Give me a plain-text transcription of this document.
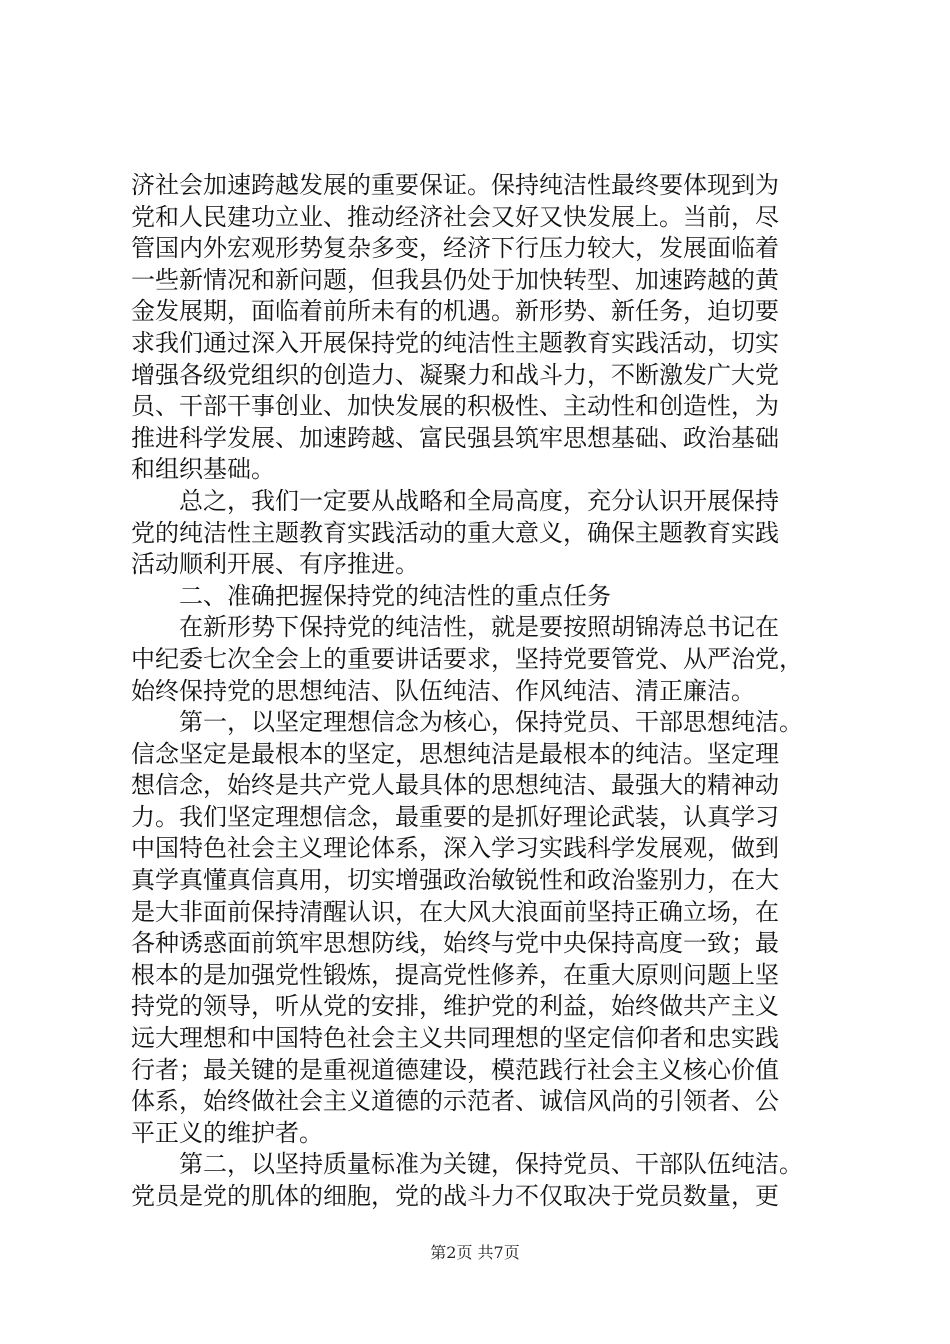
济社会加速跨越发展的重要保证。保持纯洁性最终要体现到为
党和人民建功立业、推动经济社会又好又快发展上。当前，尽
管国内外宏观形势复杂多变，经济下行压力较大，发展面临着
一些新情况和新问题，但我县仍处于加快转型、加速跨越的黄
金发展期，面临着前所未有的机遇。新形势、新任务，迫切要
求我们通过深入开展保持党的纯洁性主题教育实践活动，切实
增强各级党组织的创造力、凝聚力和战斗力，不断激发广大党
员、干部干事创业、加快发展的积极性、主动性和创造性，为
推进科学发展、加速跨越、富民强县筑牢思想基础、政治基础
和组织基础。
总之，我们一定要从战略和全局高度，充分认识开展保持
党的纯洁性主题教育实践活动的重大意义，确保主题教育实践
活动顺利开展、有序推进。
二、准确把握保持党的纯洁性的重点任务
在新形势下保持党的纯洁性，就是要按照胡锦涛总书记在
中纪委七次全会上的重要讲话要求，坚持党要管党、从严治党，
始终保持党的思想纯洁、队伍纯洁、作风纯洁、清正廉洁。
第一，以坚定理想信念为核心，保持党员、干部思想纯洁。
信念坚定是最根本的坚定，思想纯洁是最根本的纯洁。坚定理
想信念，始终是共产党人最具体的思想纯洁、最强大的精神动
力。我们坚定理想信念，最重要的是抓好理论武装，认真学习
中国特色社会主义理论体系，深入学习实践科学发展观，做到
真学真懂真信真用，切实增强政治敏锐性和政治鉴别力，在大
是大非面前保持清醒认识，在大风大浪面前坚持正确立场，在
各种诱惑面前筑牢思想防线，始终与党中央保持高度一致；最
根本的是加强党性锻炼，提高党性修养，在重大原则问题上坚
持党的领导，听从党的安排，维护党的利益，始终做共产主义
远大理想和中国特色社会主义共同理想的坚定信仰者和忠实践
行者；最关键的是重视道德建设，模范践行社会主义核心价值
体系，始终做社会主义道德的示范者、诚信风尚的引领者、公
平正义的维护者。
第二，以坚持质量标准为关键，保持党员、干部队伍纯洁。
党员是党的肌体的细胞，党的战斗力不仅取决于党员数量，更
第2页 共7页
